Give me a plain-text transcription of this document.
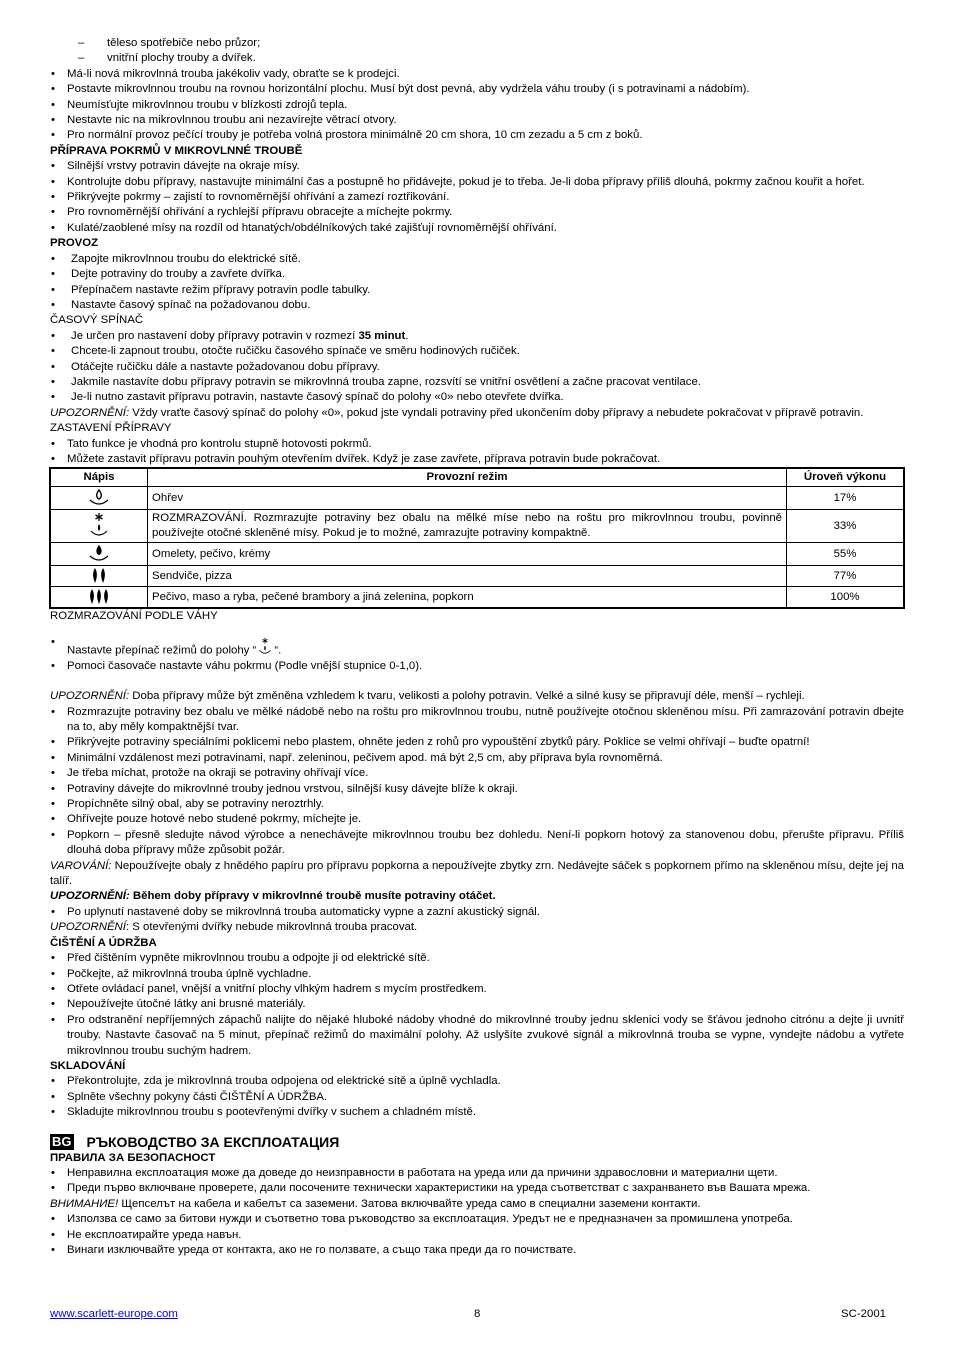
– těleso spotřebiče nebo průzor;
– vnitřní plochy trouby a dvířek.
• Má-li nová mikrovlnná trouba jakékoliv vady, obraťte se k prodejci.
• Postavte mikrovlnnou troubu na rovnou horizontální plochu. Musí být dost pevná, aby vydržela váhu trouby (i s potravinami a nádobím).
• Neumísťujte mikrovlnnou troubu v blízkosti zdrojů tepla.
• Nestavte nic na mikrovlnnou troubu ani nezavírejte větrací otvory.
• Pro normální provoz pečící trouby je potřeba volná prostora minimálně 20 cm shora, 10 cm zezadu a 5 cm z boků.

PŘÍPRAVA POKRMŮ V MIKROVLNNÉ TROUBĚ

• Silnější vrstvy potravin dávejte na okraje mísy.
• Kontrolujte dobu přípravy, nastavujte minimální čas a postupně ho přidávejte, pokud je to třeba. Je-li doba přípravy příliš dlouhá, pokrmy začnou kouřit a hořet.
• Přikrývejte pokrmy – zajistí to rovnoměrnější ohřívání a zamezí roztřikování.
• Pro rovnoměrnější ohřívání a rychlejší přípravu obracejte a míchejte pokrmy.
• Kulaté/zaoblené mísy na rozdíl od htanatých/obdélníkových také zajišťují rovnoměrnější ohřívání.

PROVOZ

• Zapojte mikrovlnnou troubu do elektrické sítě.
• Dejte potraviny do trouby a zavřete dvířka.
• Přepínačem nastavte režim přípravy potravin podle tabulky.
• Nastavte časový spínač na požadovanou dobu.

ČASOVÝ SPÍNAČ

• Je určen pro nastavení doby přípravy potravin v rozmezí 35 minut.
• Chcete-li zapnout troubu, otočte ručičku časového spínače ve směru hodinových ručiček.
• Otáčejte ručičku dále a nastavte požadovanou dobu přípravy.
• Jakmile nastavíte dobu přípravy potravin se mikrovlnná trouba zapne, rozsvítí se vnitřní osvětlení a začne pracovat ventilace.
• Je-li nutno zastavit přípravu potravin, nastavte časový spínač do polohy «0» nebo otevřete dvířka.

UPOZORNĚNÍ: Vždy vraťte časový spínač do polohy «0», pokud jste vyndali potraviny před ukončením doby přípravy a nebudete pokračovat v přípravě potravin.

ZASTAVENÍ PŘÍPRAVY

• Tato funkce je vhodná pro kontrolu stupně hotovosti pokrmů.
• Můžete zastavit přípravu potravin pouhým otevřením dvířek. Když je zase zavřete, příprava potravin bude pokračovat.
Nápis	Provozní režim	Úroveň výkonu
	Ohřev	17%
	ROZMRAZOVÁNÍ. Rozmrazujte potraviny bez obalu na mělké míse nebo na roštu pro mikrovlnnou troubu, povinně používejte otočné skleněné mísy. Pokud je to možné, zamrazujte potraviny kompaktně.	33%
	Omelety, pečivo, krémy	55%
	Sendviče, pizza	77%
	Pečivo, maso a ryba, pečené brambory a jiná zelenina, popkorn	100%

ROZMRAZOVÁNÍ PODLE VÁHY

• Nastavte přepínač režimů do polohy “ “.
• Pomoci časovače nastavte váhu pokrmu (Podle vnější stupnice 0-1,0).

UPOZORNĚNÍ: Doba přípravy může být změněna vzhledem k tvaru, velikosti a polohy potravin. Velké a silné kusy se připravují déle, menší – rychleji.

• Rozmrazujte potraviny bez obalu ve mělké nádobě nebo na roštu pro mikrovlnnou troubu, nutně používejte otočnou skleněnou mísu. Při zamrazování potravin dbejte na to, aby měly kompaktnější tvar.
• Přikrývejte potraviny speciálními poklicemi nebo plastem, ohněte jeden z rohů pro vypouštění zbytků páry. Poklice se velmi ohřívají – buďte opatrní!
• Minimální vzdálenost mezi potravinami, např. zeleninou, pečivem apod. má být 2,5 cm, aby příprava byla rovnoměrná.
• Je třeba míchat, protože na okraji se potraviny ohřívají více.
• Potraviny dávejte do mikrovlnné trouby jednou vrstvou, silnější kusy dávejte blíže k okraji.
• Propíchněte silný obal, aby se potraviny neroztrhly.
• Ohřívejte pouze hotové nebo studené pokrmy, míchejte je.
• Popkorn – přesně sledujte návod výrobce a nenechávejte mikrovlnnou troubu bez dohledu. Není-li popkorn hotový za stanovenou dobu, přerušte přípravu. Příliš dlouhá doba přípravy může způsobit požár.

VAROVÁNÍ: Nepoužívejte obaly z hnědého papíru pro přípravu popkorna a nepoužívejte zbytky zrn. Nedávejte sáček s popkornem přímo na skleněnou mísu, dejte jej na talíř.

UPOZORNĚNÍ: Během doby přípravy v mikrovlnné troubě musíte potraviny otáčet.

• Po uplynutí nastavené doby se mikrovlnná trouba automaticky vypne a zazní akustický signál.

UPOZORNĚNÍ: S otevřenými dvířky nebude mikrovlnná trouba pracovat.

ČIŠTĚNÍ A ÚDRŽBA

• Před čištěním vypněte mikrovlnnou troubu a odpojte ji od elektrické sítě.
• Počkejte, až mikrovlnná trouba úplně vychladne.
• Otřete ovládací panel, vnější a vnitřní plochy vlhkým hadrem s mycím prostředkem.
• Nepoužívejte útočné látky ani brusné materiály.
• Pro odstranění nepříjemných zápachů nalijte do nějaké hluboké nádoby vhodné do mikrovlnné trouby jednu sklenici vody se šťávou jednoho citrónu a dejte ji uvnitř trouby. Nastavte časovač na 5 minut, přepínač režimů do maximální polohy. Až uslyšíte zvukové signál a mikrovlnná trouba se vypne, vyndejte nádobu a vytřete mikrovlnnou troubu suchým hadrem.

SKLADOVÁNÍ

• Překontrolujte, zda je mikrovlnná trouba odpojena od elektrické sítě a úplně vychladla.
• Splněte všechny pokyny části ČIŠTĚNÍ A ÚDRŽBA.
• Skladujte mikrovlnnou troubu s pootevřenými dvířky v suchem a chladném místě.
BG РЪКОВОДСТВО ЗА ЕКСПЛОАТАЦИЯ

ПРАВИЛА ЗА БЕЗОПАСНОСТ

• Неправилна експлоатация може да доведе до неизправности в работата на уреда или да причини здравословни и материални щети.
• Преди първо включване проверете, дали посочените технически характеристики на уреда съответстват с захранването във Вашата мрежа.

ВНИМАНИЕ! Щепселът на кабела и кабелът са заземени. Затова включвайте уреда само в специални заземени контакти.

• Използва се само за битови нужди и съответно това ръководство за експлоатация. Уредът не е предназначен за промишлена употреба.
• Не експлоатирайте уреда навън.
• Винаги изключвайте уреда от контакта, ако не го ползвате, а също така преди да го почиствате.
www.scarlett-europe.com	8	SC-2001
